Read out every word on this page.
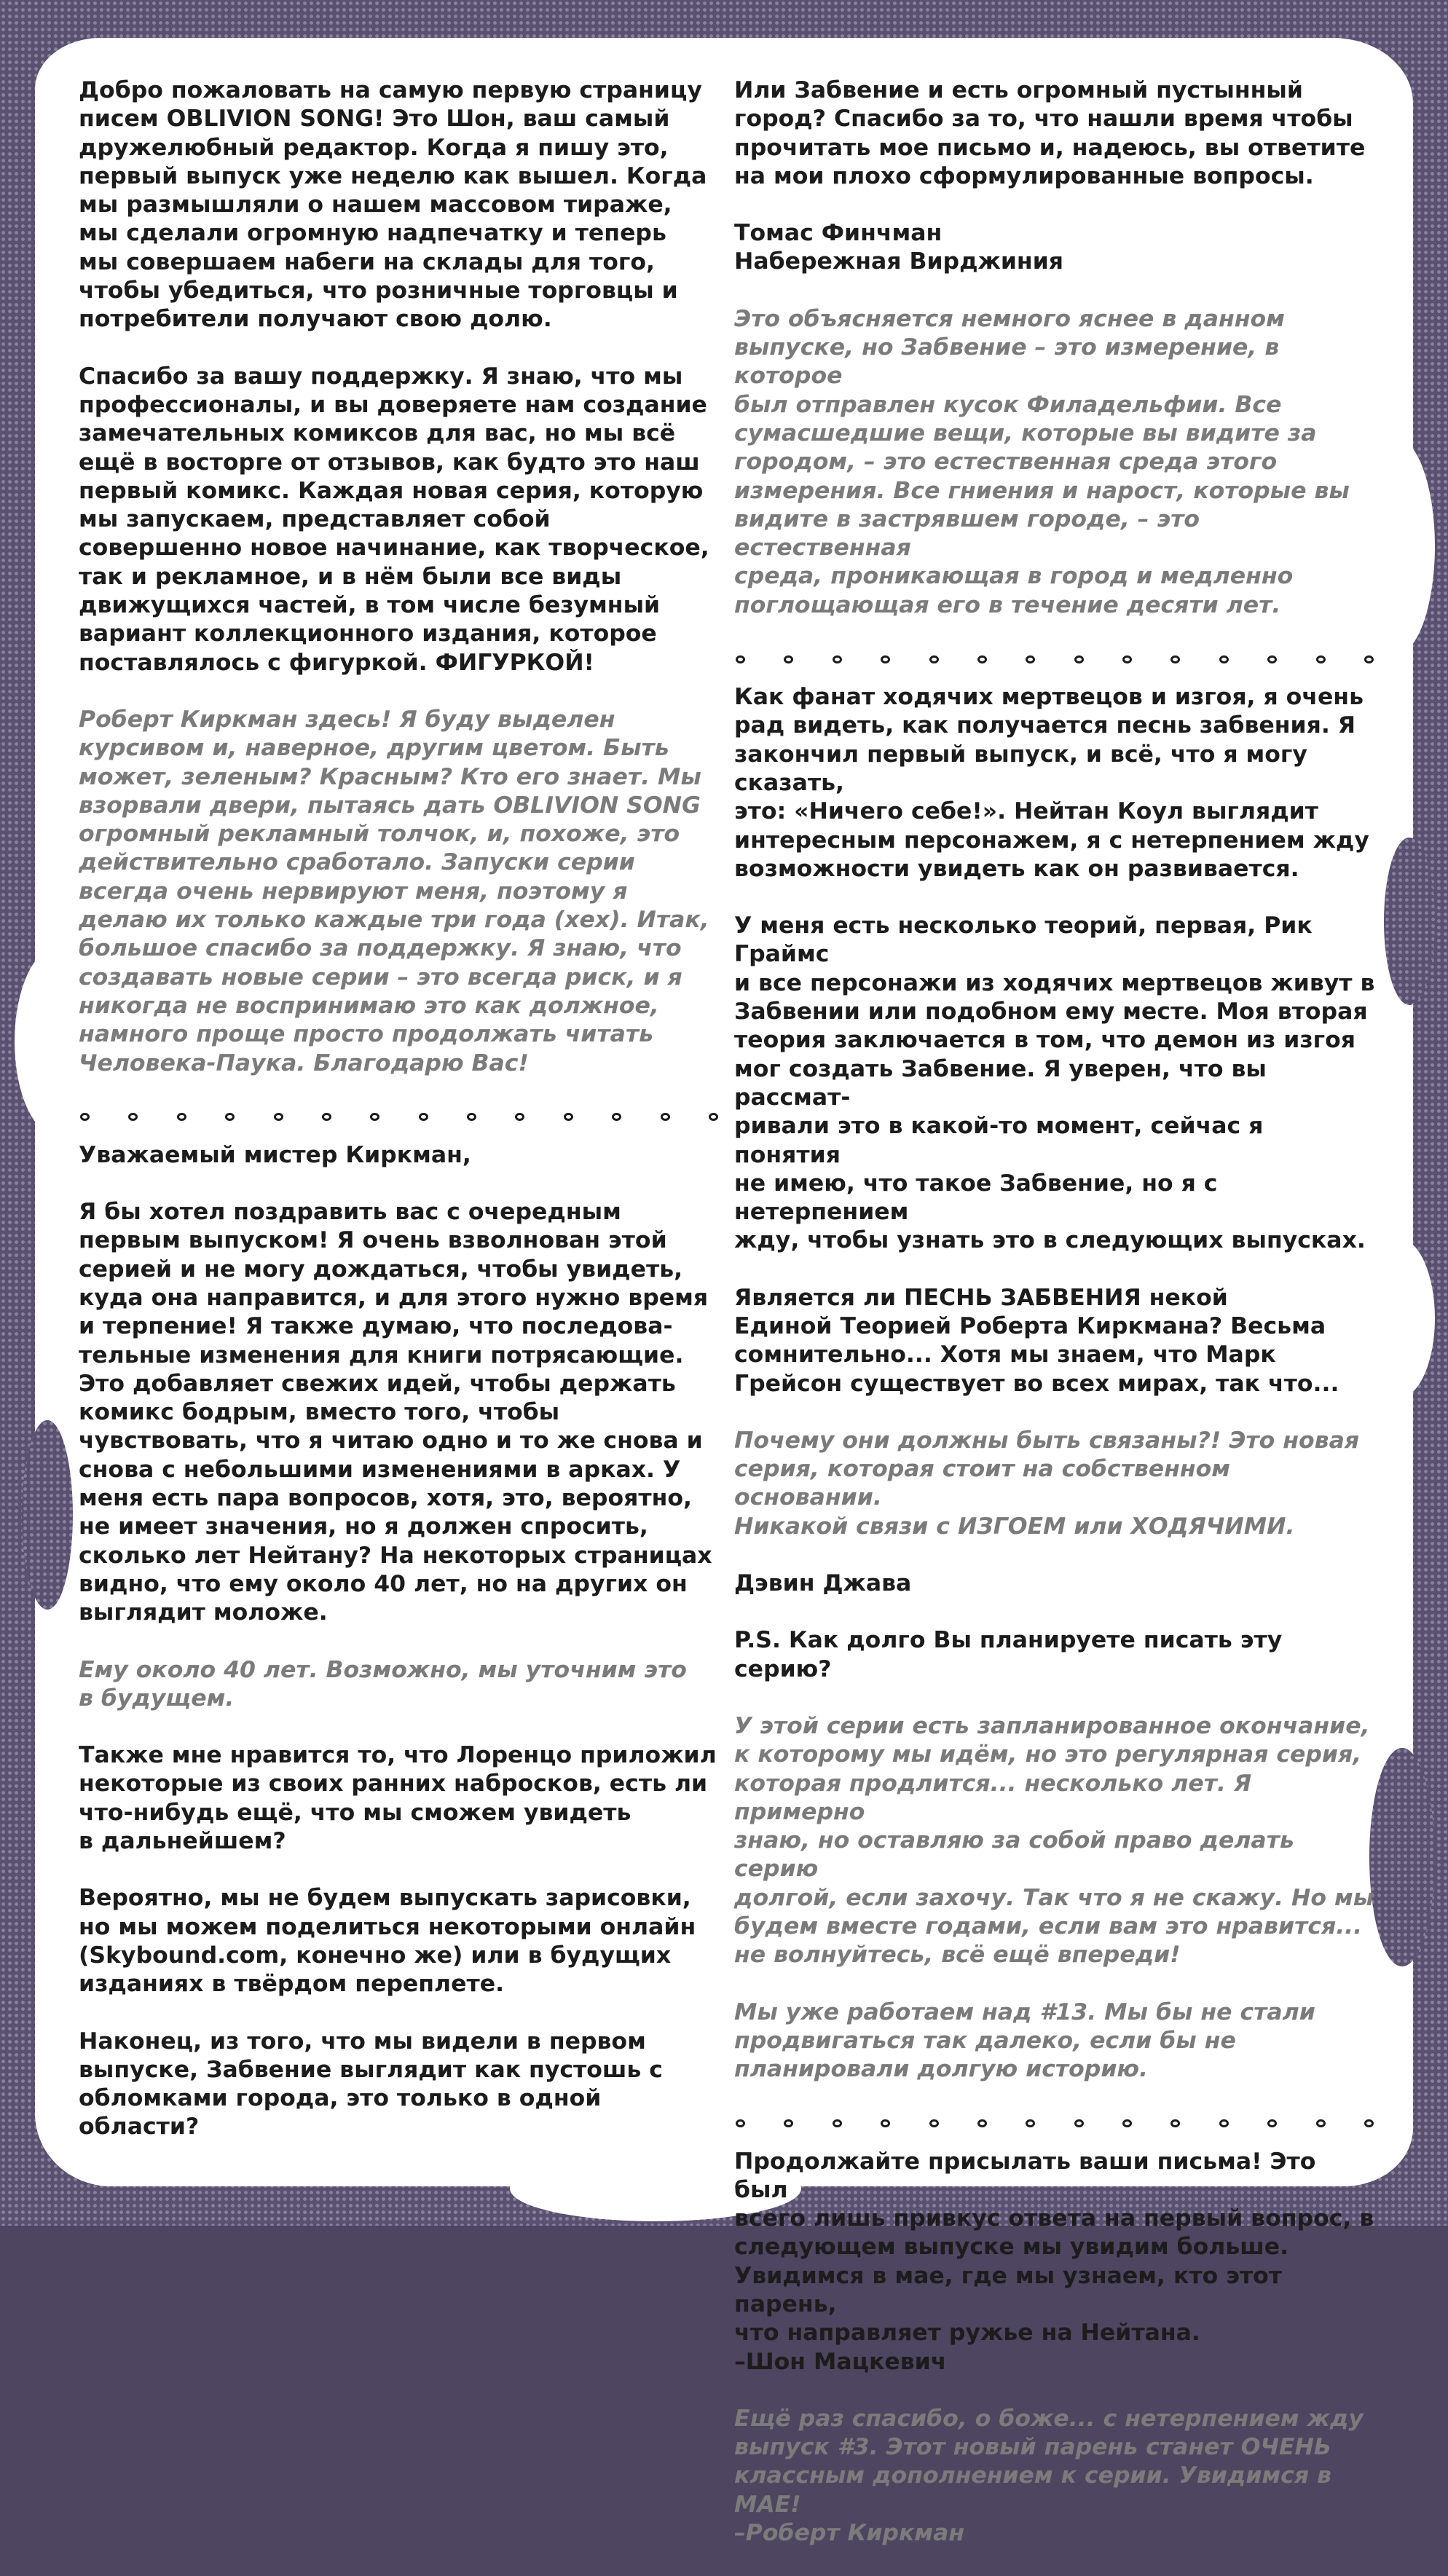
Добро пожаловать на самую первую страницу
писем OBLIVION SONG! Это Шон, ваш самый
дружелюбный редактор. Когда я пишу это,
первый выпуск уже неделю как вышел. Когда
мы размышляли о нашем массовом тираже,
мы сделали огромную надпечатку и теперь
мы совершаем набеги на склады для того,
чтобы убедиться, что розничные торговцы и
потребители получают свою долю.

Спасибо за вашу поддержку. Я знаю, что мы
профессионалы, и вы доверяете нам создание
замечательных комиксов для вас, но мы всё
ещё в восторге от отзывов, как будто это наш
первый комикс. Каждая новая серия, которую
мы запускаем, представляет собой
совершенно новое начинание, как творческое,
так и рекламное, и в нём были все виды
движущихся частей, в том числе безумный
вариант коллекционного издания, которое
поставлялось с фигуркой. ФИГУРКОЙ!

Роберт Киркман здесь! Я буду выделен
курсивом и, наверное, другим цветом. Быть
может, зеленым? Красным? Кто его знает. Мы
взорвали двери, пытаясь дать OBLIVION SONG
огромный рекламный толчок, и, похоже, это
действительно сработало. Запуски серии
всегда очень нервируют меня, поэтому я
делаю их только каждые три года (хех). Итак,
большое спасибо за поддержку. Я знаю, что
создавать новые серии – это всегда риск, и я
никогда не воспринимаю это как должное,
намного проще просто продолжать читать
Человека-Паука. Благодарю Вас!

Уважаемый мистер Киркман,

Я бы хотел поздравить вас с очередным
первым выпуском! Я очень взволнован этой
серией и не могу дождаться, чтобы увидеть,
куда она направится, и для этого нужно время
и терпение! Я также думаю, что последова-
тельные изменения для книги потрясающие.
Это добавляет свежих идей, чтобы держать
комикс бодрым, вместо того, чтобы
чувствовать, что я читаю одно и то же снова и
снова с небольшими изменениями в арках. У
меня есть пара вопросов, хотя, это, вероятно,
не имеет значения, но я должен спросить,
сколько лет Нейтану? На некоторых страницах
видно, что ему около 40 лет, но на других он
выглядит моложе.

Ему около 40 лет. Возможно, мы уточним это
в будущем.

Также мне нравится то, что Лоренцо приложил
некоторые из своих ранних набросков, есть ли
что-нибудь ещё, что мы сможем увидеть
в дальнейшем?

Вероятно, мы не будем выпускать зарисовки,
но мы можем поделиться некоторыми онлайн
(Skybound.com, конечно же) или в будущих
изданиях в твёрдом переплете.

Наконец, из того, что мы видели в первом
выпуске, Забвение выглядит как пустошь с
обломками города, это только в одной области?

Или Забвение и есть огромный пустынный
город? Спасибо за то, что нашли время чтобы
прочитать мое письмо и, надеюсь, вы ответите
на мои плохо сформулированные вопросы.

Томас Финчман
Набережная Вирджиния

Это объясняется немного яснее в данном
выпуске, но Забвение – это измерение, в которое
был отправлен кусок Филадельфии. Все
сумасшедшие вещи, которые вы видите за
городом, – это естественная среда этого
измерения. Все гниения и нарост, которые вы
видите в застрявшем городе, – это естественная
среда, проникающая в город и медленно
поглощающая его в течение десяти лет.

Как фанат ходячих мертвецов и изгоя, я очень
рад видеть, как получается песнь забвения. Я
закончил первый выпуск, и всё, что я могу сказать,
это: «Ничего себе!». Нейтан Коул выглядит
интересным персонажем, я с нетерпением жду
возможности увидеть как он развивается.

У меня есть несколько теорий, первая, Рик Граймс
и все персонажи из ходячих мертвецов живут в
Забвении или подобном ему месте. Моя вторая
теория заключается в том, что демон из изгоя
мог создать Забвение. Я уверен, что вы рассмат-
ривали это в какой-то момент, сейчас я понятия
не имею, что такое Забвение, но я с нетерпением
жду, чтобы узнать это в следующих выпусках.

Является ли ПЕСНЬ ЗАБВЕНИЯ некой
Единой Теорией Роберта Киркмана? Весьма
сомнительно... Хотя мы знаем, что Марк
Грейсон существует во всех мирах, так что...

Почему они должны быть связаны?! Это новая
серия, которая стоит на собственном основании.
Никакой связи с ИЗГОЕМ или ХОДЯЧИМИ.

Дэвин Джава

P.S. Как долго Вы планируете писать эту серию?

У этой серии есть запланированное окончание,
к которому мы идём, но это регулярная серия,
которая продлится... несколько лет. Я примерно
знаю, но оставляю за собой право делать серию
долгой, если захочу. Так что я не скажу. Но мы
будем вместе годами, если вам это нравится...
не волнуйтесь, всё ещё впереди!

Мы уже работаем над #13. Мы бы не стали
продвигаться так далеко, если бы не
планировали долгую историю.

Продолжайте присылать ваши письма! Это был
всего лишь привкус ответа на первый вопрос, в
следующем выпуске мы увидим больше.
Увидимся в мае, где мы узнаем, кто этот парень,
что направляет ружье на Нейтана.
–Шон Мацкевич

Ещё раз спасибо, о боже... с нетерпением жду
выпуск #3. Этот новый парень станет ОЧЕНЬ
классным дополнением к серии. Увидимся в МАЕ!
–Роберт Киркман
